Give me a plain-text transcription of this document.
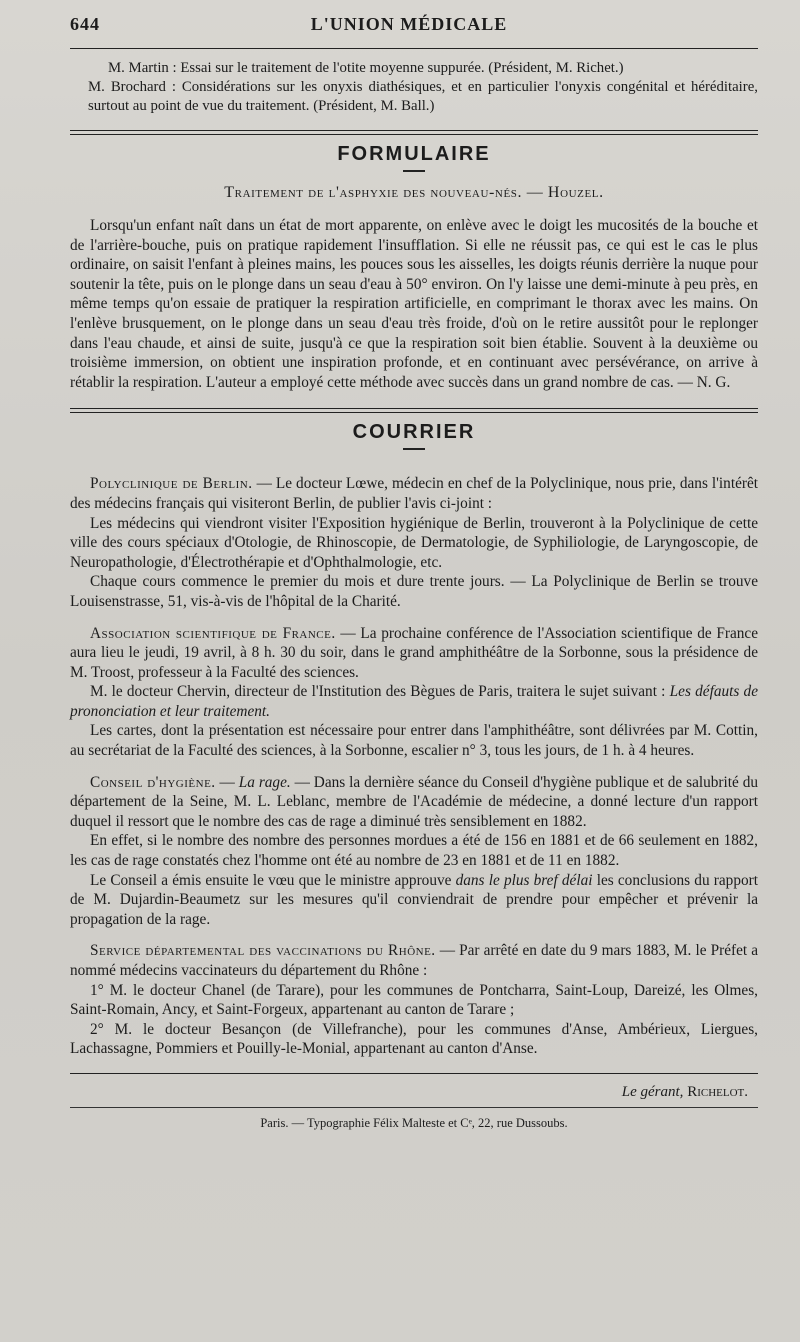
644	L'UNION MÉDICALE

M. Martin : Essai sur le traitement de l'otite moyenne suppurée. (Président, M. Richet.)

M. Brochard : Considérations sur les onyxis diathésiques, et en particulier l'onyxis congénital et héréditaire, surtout au point de vue du traitement. (Président, M. Ball.)

FORMULAIRE
Traitement de l'asphyxie des nouveau-nés. — Houzel.

Lorsqu'un enfant naît dans un état de mort apparente, on enlève avec le doigt les mucosités de la bouche et de l'arrière-bouche, puis on pratique rapidement l'insufflation. Si elle ne réussit pas, ce qui est le cas le plus ordinaire, on saisit l'enfant à pleines mains, les pouces sous les aisselles, les doigts réunis derrière la nuque pour soutenir la tête, puis on le plonge dans un seau d'eau à 50° environ. On l'y laisse une demi-minute à peu près, en même temps qu'on essaie de pratiquer la respiration artificielle, en comprimant le thorax avec les mains. On l'enlève brusquement, on le plonge dans un seau d'eau très froide, d'où on le retire aussitôt pour le replonger dans l'eau chaude, et ainsi de suite, jusqu'à ce que la respiration soit bien établie. Souvent à la deuxième ou troisième immersion, on obtient une inspiration profonde, et en continuant avec persévérance, on arrive à rétablir la respiration. L'auteur a employé cette méthode avec succès dans un grand nombre de cas. — N. G.

COURRIER

Polyclinique de Berlin. — Le docteur Lœwe, médecin en chef de la Polyclinique, nous prie, dans l'intérêt des médecins français qui visiteront Berlin, de publier l'avis ci-joint :

Les médecins qui viendront visiter l'Exposition hygiénique de Berlin, trouveront à la Polyclinique de cette ville des cours spéciaux d'Otologie, de Rhinoscopie, de Dermatologie, de Syphiliologie, de Laryngoscopie, de Neuropathologie, d'Électrothérapie et d'Ophthalmologie, etc.

Chaque cours commence le premier du mois et dure trente jours. — La Polyclinique de Berlin se trouve Louisenstrasse, 51, vis-à-vis de l'hôpital de la Charité.

Association scientifique de France. — La prochaine conférence de l'Association scientifique de France aura lieu le jeudi, 19 avril, à 8 h. 30 du soir, dans le grand amphithéâtre de la Sorbonne, sous la présidence de M. Troost, professeur à la Faculté des sciences.

M. le docteur Chervin, directeur de l'Institution des Bègues de Paris, traitera le sujet suivant : Les défauts de prononciation et leur traitement.

Les cartes, dont la présentation est nécessaire pour entrer dans l'amphithéâtre, sont délivrées par M. Cottin, au secrétariat de la Faculté des sciences, à la Sorbonne, escalier n° 3, tous les jours, de 1 h. à 4 heures.

Conseil d'hygiène. — La rage. — Dans la dernière séance du Conseil d'hygiène publique et de salubrité du département de la Seine, M. L. Leblanc, membre de l'Académie de médecine, a donné lecture d'un rapport duquel il ressort que le nombre des cas de rage a diminué très sensiblement en 1882.

En effet, si le nombre des nombre des personnes mordues a été de 156 en 1881 et de 66 seulement en 1882, les cas de rage constatés chez l'homme ont été au nombre de 23 en 1881 et de 11 en 1882.

Le Conseil a émis ensuite le vœu que le ministre approuve dans le plus bref délai les conclusions du rapport de M. Dujardin-Beaumetz sur les mesures qu'il conviendrait de prendre pour empêcher et prévenir la propagation de la rage.

Service départemental des vaccinations du Rhône. — Par arrêté en date du 9 mars 1883, M. le Préfet a nommé médecins vaccinateurs du département du Rhône :

1° M. le docteur Chanel (de Tarare), pour les communes de Pontcharra, Saint-Loup, Dareizé, les Olmes, Saint-Romain, Ancy, et Saint-Forgeux, appartenant au canton de Tarare ;

2° M. le docteur Besançon (de Villefranche), pour les communes d'Anse, Ambérieux, Liergues, Lachassagne, Pommiers et Pouilly-le-Monial, appartenant au canton d'Anse.

Le gérant, Richelot.
Paris. — Typographie Félix Malteste et Cᵉ, 22, rue Dussoubs.
